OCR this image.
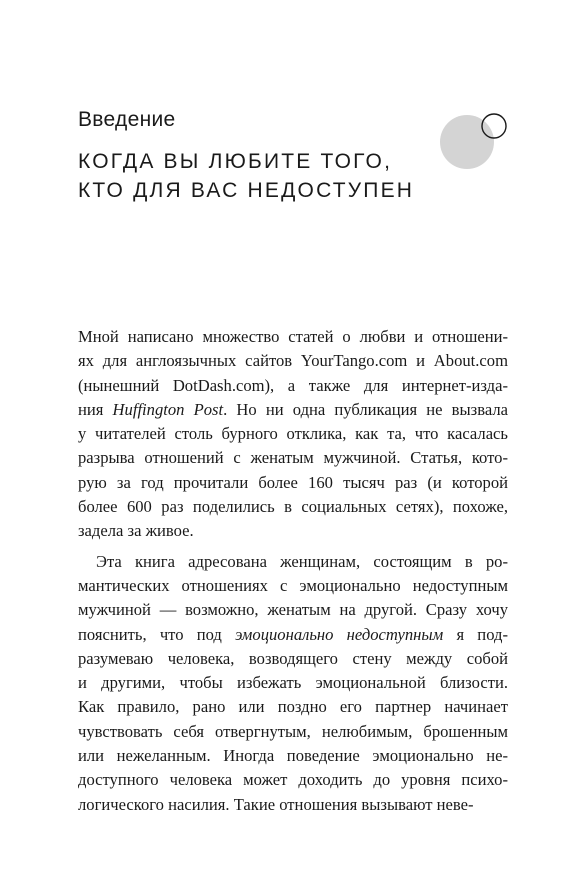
Введение
КОГДА ВЫ ЛЮБИТЕ ТОГО,
КТО ДЛЯ ВАС НЕДОСТУПЕН
Мной написано множество статей о любви и отношени-
ях для англоязычных сайтов YourTango.com и About.com
(нынешний DotDash.com), а также для интернет-изда-
ния Huffington Post. Но ни одна публикация не вызвала
у читателей столь бурного отклика, как та, что касалась
разрыва отношений с женатым мужчиной. Статья, кото-
рую за год прочитали более 160 тысяч раз (и которой
более 600 раз поделились в социальных сетях), похоже,
задела за живое.
Эта книга адресована женщинам, состоящим в ро-
мантических отношениях с эмоционально недоступным
мужчиной — возможно, женатым на другой. Сразу хочу
пояснить, что под эмоционально недоступным я под-
разумеваю человека, возводящего стену между собой
и другими, чтобы избежать эмоциональной близости.
Как правило, рано или поздно его партнер начинает
чувствовать себя отвергнутым, нелюбимым, брошенным
или нежеланным. Иногда поведение эмоционально не-
доступного человека может доходить до уровня психо-
логического насилия. Такие отношения вызывают неве-
